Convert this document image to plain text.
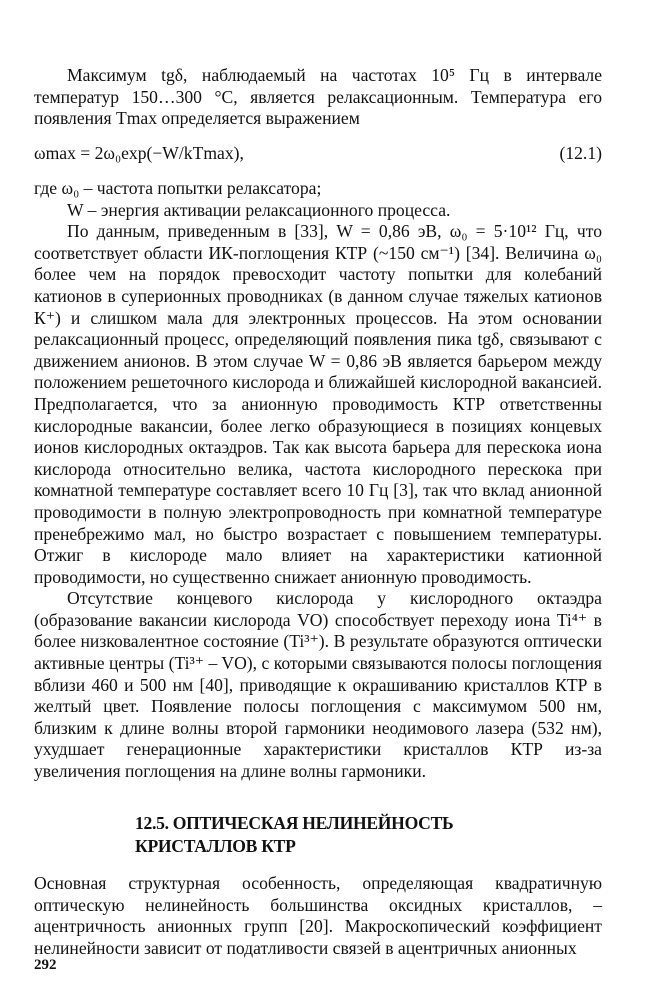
Максимум tgδ, наблюдаемый на частотах 10⁵ Гц в интервале температур 150…300 °С, является релаксационным. Температура его появления Tmax определяется выражением

ωmax = 2ω₀exp(−W/kTmax),	(12.1)

где ω₀ – частота попытки релаксатора;

W – энергия активации релаксационного процесса.

По данным, приведенным в [33], W = 0,86 эВ, ω₀ = 5·10¹² Гц, что соответствует области ИК-поглощения КТР (~150 см⁻¹) [34]. Величина ω₀ более чем на порядок превосходит частоту попытки для колебаний катионов в суперионных проводниках (в данном случае тяжелых катионов К⁺) и слишком мала для электронных процессов. На этом основании релаксационный процесс, определяющий появления пика tgδ, связывают с движением анионов. В этом случае W = 0,86 эВ является барьером между положением решеточного кислорода и ближайшей кислородной вакансией. Предполагается, что за анионную проводимость КТР ответственны кислородные вакансии, более легко образующиеся в позициях концевых ионов кислородных октаэдров. Так как высота барьера для перескока иона кислорода относительно велика, частота кислородного перескока при комнатной температуре составляет всего 10 Гц [3], так что вклад анионной проводимости в полную электропроводность при комнатной температуре пренебрежимо мал, но быстро возрастает с повышением температуры. Отжиг в кислороде мало влияет на характеристики катионной проводимости, но существенно снижает анионную проводимость.

Отсутствие концевого кислорода у кислородного октаэдра (образование вакансии кислорода VO) способствует переходу иона Ti⁴⁺ в более низковалентное состояние (Ti³⁺). В результате образуются оптически активные центры (Ti³⁺ – VO), с которыми связываются полосы поглощения вблизи 460 и 500 нм [40], приводящие к окрашиванию кристаллов КТР в желтый цвет. Появление полосы поглощения с максимумом 500 нм, близким к длине волны второй гармоники неодимового лазера (532 нм), ухудшает генерационные характеристики кристаллов КТР из-за увеличения поглощения на длине волны гармоники.

12.5. ОПТИЧЕСКАЯ НЕЛИНЕЙНОСТЬ
КРИСТАЛЛОВ КТР

Основная структурная особенность, определяющая квадратичную оптическую нелинейность большинства оксидных кристаллов, – ацентричность анионных групп [20]. Макроскопический коэффициент нелинейности зависит от податливости связей в ацентричных анионных

292
